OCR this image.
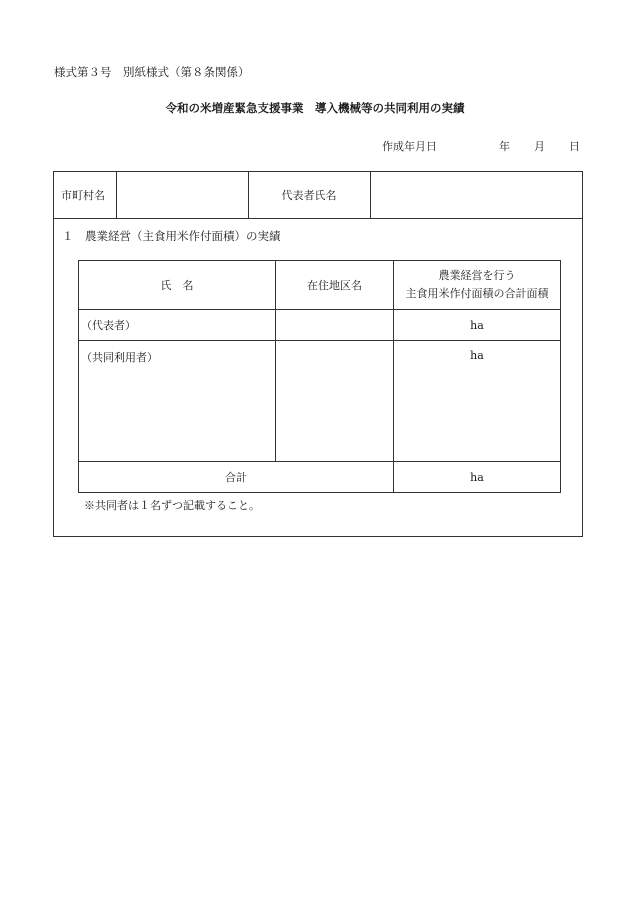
様式第３号　別紙様式（第８条関係）
令和の米増産緊急支援事業　導入機械等の共同利用の実績
作成年月日	年 月 日
市町村名	代表者氏名
１　農業経営（主食用米作付面積）の実績
氏　名	在住地区名	農業経営を行う
主食用米作付面積の合計面積

（代表者）		ha
（共同利用者）		ha
合計		ha
※共同者は１名ずつ記載すること。
